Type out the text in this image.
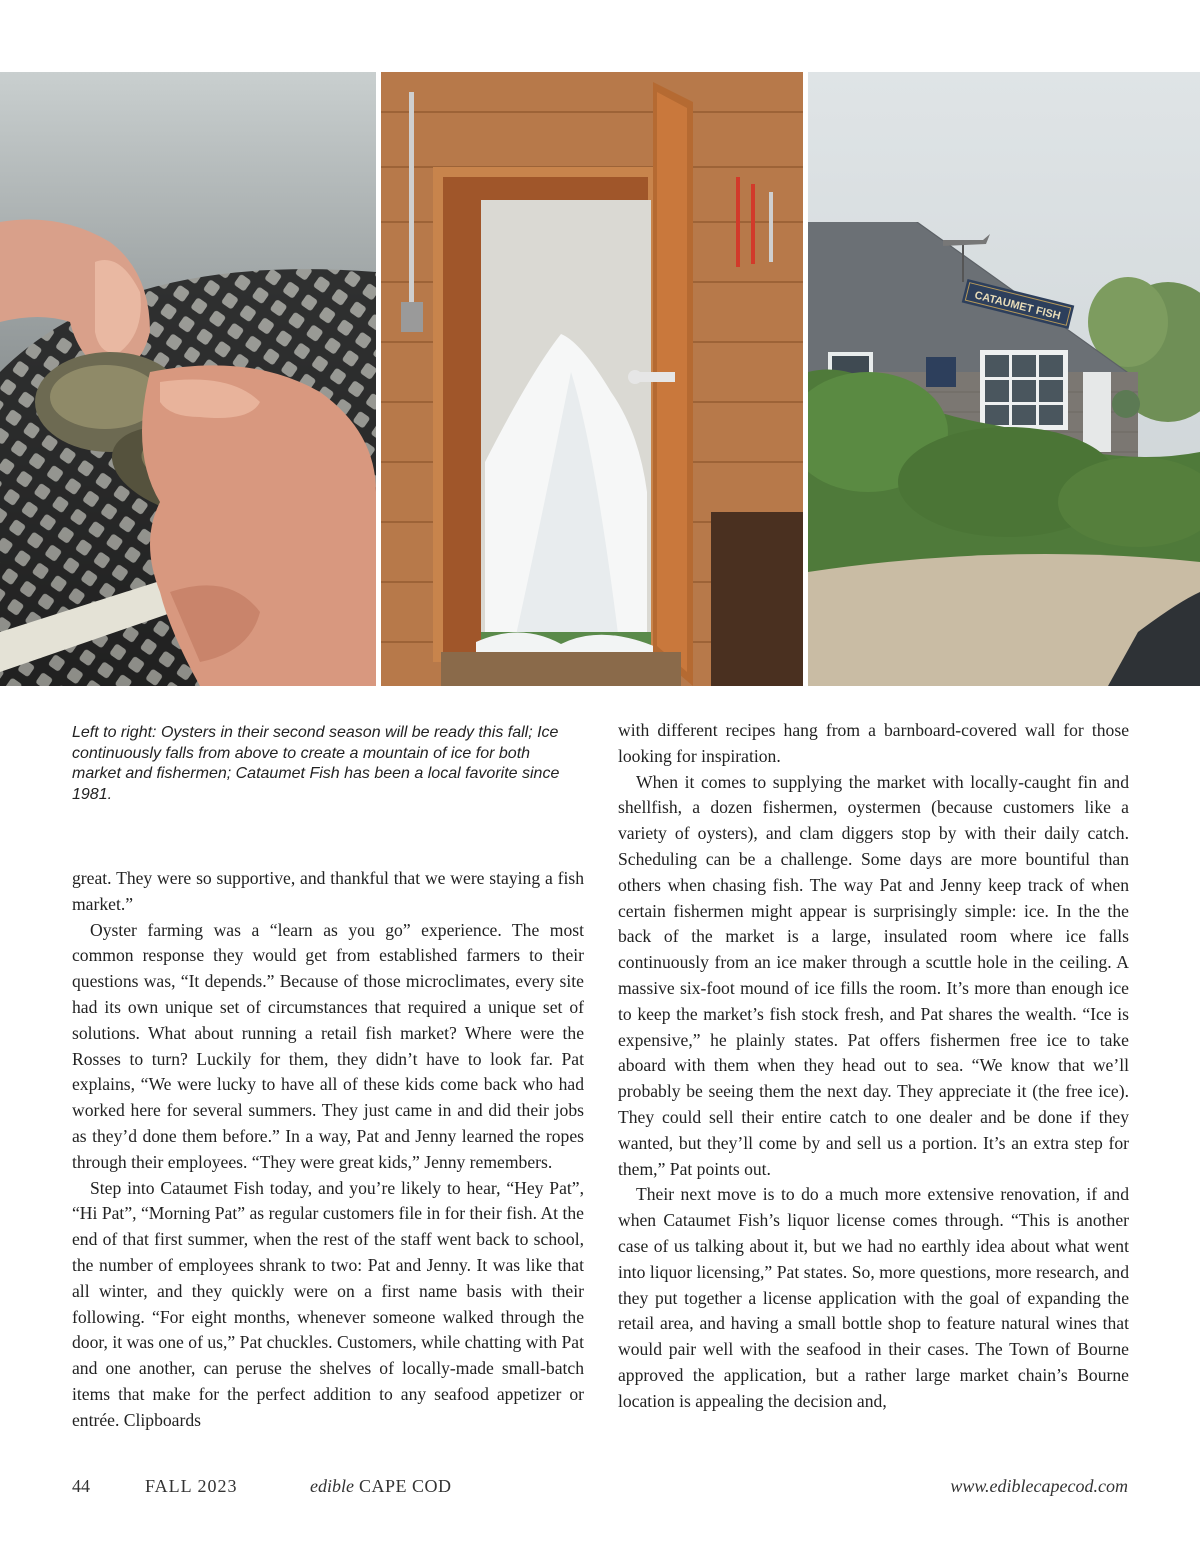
CATAUMET FISH
Left to right: Oysters in their second season will be ready this fall; Ice continuously falls from above to create a mountain of ice for both market and fishermen; Cataumet Fish has been a local favorite since 1981.

great. They were so supportive, and thankful that we were staying a fish market.”

Oyster farming was a “learn as you go” experience. The most common response they would get from established farmers to their questions was, “It depends.” Because of those microclimates, every site had its own unique set of circumstances that required a unique set of solutions. What about running a retail fish market? Where were the Rosses to turn? Luckily for them, they didn’t have to look far. Pat explains, “We were lucky to have all of these kids come back who had worked here for several summers. They just came in and did their jobs as they’d done them before.” In a way, Pat and Jenny learned the ropes through their employees. “They were great kids,” Jenny remembers.

Step into Cataumet Fish today, and you’re likely to hear, “Hey Pat”, “Hi Pat”, “Morning Pat” as regular customers file in for their fish. At the end of that first summer, when the rest of the staff went back to school, the number of employees shrank to two: Pat and Jenny. It was like that all winter, and they quickly were on a first name basis with their following. “For eight months, whenever someone walked through the door, it was one of us,” Pat chuckles. Customers, while chatting with Pat and one another, can peruse the shelves of locally-made small-batch items that make for the perfect addition to any seafood appetizer or entrée. Clipboards

with different recipes hang from a barnboard-covered wall for those looking for inspiration.

When it comes to supplying the market with locally-caught fin and shellfish, a dozen fishermen, oystermen (because customers like a variety of oysters), and clam diggers stop by with their daily catch. Scheduling can be a challenge. Some days are more bountiful than others when chasing fish. The way Pat and Jenny keep track of when certain fishermen might appear is surprisingly simple: ice. In the the back of the market is a large, insulated room where ice falls continuously from an ice maker through a scuttle hole in the ceiling. A massive six-foot mound of ice fills the room. It’s more than enough ice to keep the market’s fish stock fresh, and Pat shares the wealth. “Ice is expensive,” he plainly states. Pat offers fishermen free ice to take aboard with them when they head out to sea. “We know that we’ll probably be seeing them the next day. They appreciate it (the free ice). They could sell their entire catch to one dealer and be done if they wanted, but they’ll come by and sell us a portion. It’s an extra step for them,” Pat points out.

Their next move is to do a much more extensive renovation, if and when Cataumet Fish’s liquor license comes through. “This is another case of us talking about it, but we had no earthly idea about what went into liquor licensing,” Pat states. So, more questions, more research, and they put together a license application with the goal of expanding the retail area, and having a small bottle shop to feature natural wines that would pair well with the seafood in their cases. The Town of Bourne approved the application, but a rather large market chain’s Bourne location is appealing the decision and,

44	FALL 2023	edible CAPE COD	www.ediblecapecod.com
